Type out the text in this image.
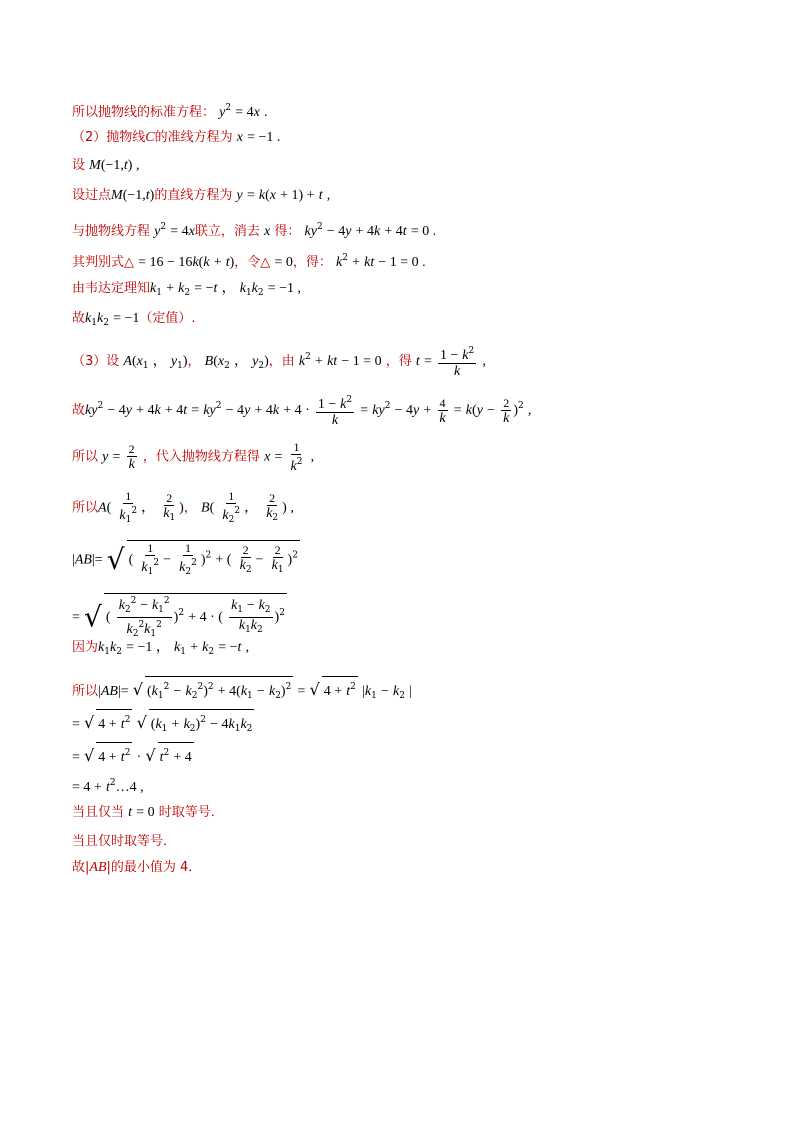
所以抛物线的标准方程： $y^2 = 4x$ .
（2）抛物线C的准线方程为 x = −1 .
设 M(−1,t) ,
设过点M(−1,t)的直线方程为 y = k(x + 1) + t ,
与抛物线方程 $y^2 = 4x$联立，消去 x 得： $ky^2 - 4y + 4k + 4t = 0$ .
其判别式△ = 16 − 16k(k + t)，令△ = 0，得： $k^2$ + kt − 1 = 0 .
由韦达定理知$k_1 + k_2 = -t$ ， $k_1k_2 = -1$ ,
故$k_1k_2 = -1$（定值）.
（3）设 $A(x_1$ ， $y_1$)， $B(x_2$ ， $y_2$)，由 $k^2$ + kt − 1 = 0 ，得 $t = \frac{1 - k^2}{k}$ ,
故$ky^2 - 4y + 4k + 4t = ky^2 - 4y + 4k + 4 \cdot \frac{1 - k^2}{k} = ky^2 - 4y + \frac{4}{k} = k(y - \frac{2}{k} )^2$ ,
所以 $y = \frac{2}{k}$ ，代入抛物线方程得 $x = \frac{1}{k^2}$ ,
所以$A( \frac{1}{k_1^2}$ ， $\frac{2}{k_1}$ )， $B( \frac{1}{k_2^2}$ ， $\frac{2}{k_2}$ ) ,
|AB|= √ ( $\frac{1}{k_1^2} - \frac{1}{k_2^2} )^2$ + ( $\frac{2}{k_2} - \frac{2}{k_1} )^2$
= √ ( $\frac{k_2^2 - k_1^2}{k_2^2k_1^2} )^2 + 4$ · ( $\frac{k_1 - k_2}{k_1k_2} )^2$
因为$k_1k_2 = -1$ ， $k_1 + k_2 = -t$ ,
所以|AB|= √ $(k_1^2 - k_2^2)^2 + 4(k_1 - k_2)^2$ = √ $4 + t^2$ $|k_1 - k_2$ |
= √ $4 + t^2$ √ $(k_1 + k_2)^2 - 4k_1k_2$
= √ $4 + t^2$ · √ $t^2 + 4$
= $4 + t^2\dots 4$ ,
当且仅当 t = 0 时取等号．
当且仅时取等号．
故|AB|的最小值为 4．
